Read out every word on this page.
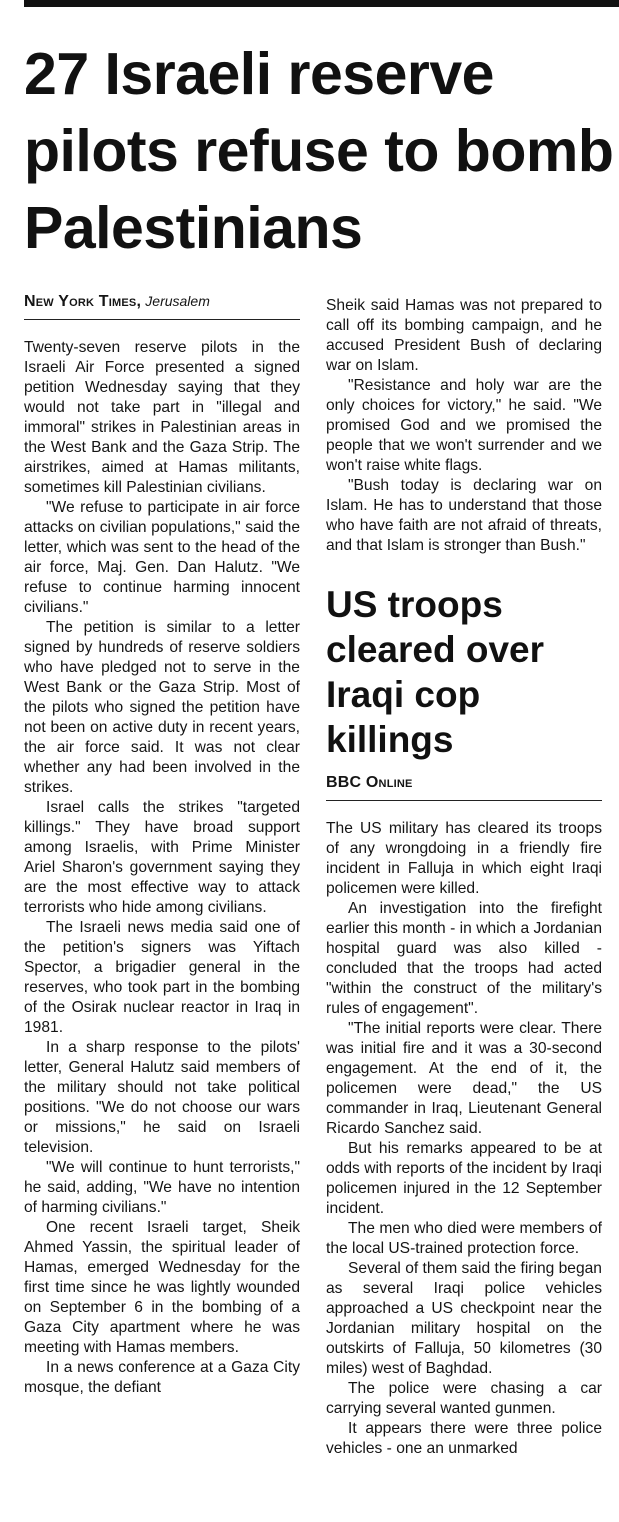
27 Israeli reserve pilots refuse to bomb Palestinians
New York Times, Jerusalem

Twenty-seven reserve pilots in the Israeli Air Force presented a signed petition Wednesday saying that they would not take part in "illegal and immoral" strikes in Palestinian areas in the West Bank and the Gaza Strip. The airstrikes, aimed at Hamas militants, sometimes kill Palestinian civilians.

"We refuse to participate in air force attacks on civilian populations," said the letter, which was sent to the head of the air force, Maj. Gen. Dan Halutz. "We refuse to continue harming innocent civilians."

The petition is similar to a letter signed by hundreds of reserve soldiers who have pledged not to serve in the West Bank or the Gaza Strip. Most of the pilots who signed the petition have not been on active duty in recent years, the air force said. It was not clear whether any had been involved in the strikes.

Israel calls the strikes "targeted killings." They have broad support among Israelis, with Prime Minister Ariel Sharon's government saying they are the most effective way to attack terrorists who hide among civilians.

The Israeli news media said one of the petition's signers was Yiftach Spector, a brigadier general in the reserves, who took part in the bombing of the Osirak nuclear reactor in Iraq in 1981.

In a sharp response to the pilots' letter, General Halutz said members of the military should not take political positions. "We do not choose our wars or missions," he said on Israeli television.

"We will continue to hunt terrorists," he said, adding, "We have no intention of harming civilians."

One recent Israeli target, Sheik Ahmed Yassin, the spiritual leader of Hamas, emerged Wednesday for the first time since he was lightly wounded on September 6 in the bombing of a Gaza City apartment where he was meeting with Hamas members.

In a news conference at a Gaza City mosque, the defiant

Sheik said Hamas was not prepared to call off its bombing campaign, and he accused President Bush of declaring war on Islam.

"Resistance and holy war are the only choices for victory," he said. "We promised God and we promised the people that we won't surrender and we won't raise white flags.

"Bush today is declaring war on Islam. He has to understand that those who have faith are not afraid of threats, and that Islam is stronger than Bush."

US troops cleared over Iraqi cop killings
BBC Online

The US military has cleared its troops of any wrongdoing in a friendly fire incident in Falluja in which eight Iraqi policemen were killed.

An investigation into the firefight earlier this month - in which a Jordanian hospital guard was also killed - concluded that the troops had acted "within the construct of the military's rules of engagement".

"The initial reports were clear. There was initial fire and it was a 30-second engagement. At the end of it, the policemen were dead," the US commander in Iraq, Lieutenant General Ricardo Sanchez said.

But his remarks appeared to be at odds with reports of the incident by Iraqi policemen injured in the 12 September incident.

The men who died were members of the local US-trained protection force.

Several of them said the firing began as several Iraqi police vehicles approached a US checkpoint near the Jordanian military hospital on the outskirts of Falluja, 50 kilometres (30 miles) west of Baghdad.

The police were chasing a car carrying several wanted gunmen.

It appears there were three police vehicles - one an unmarked
